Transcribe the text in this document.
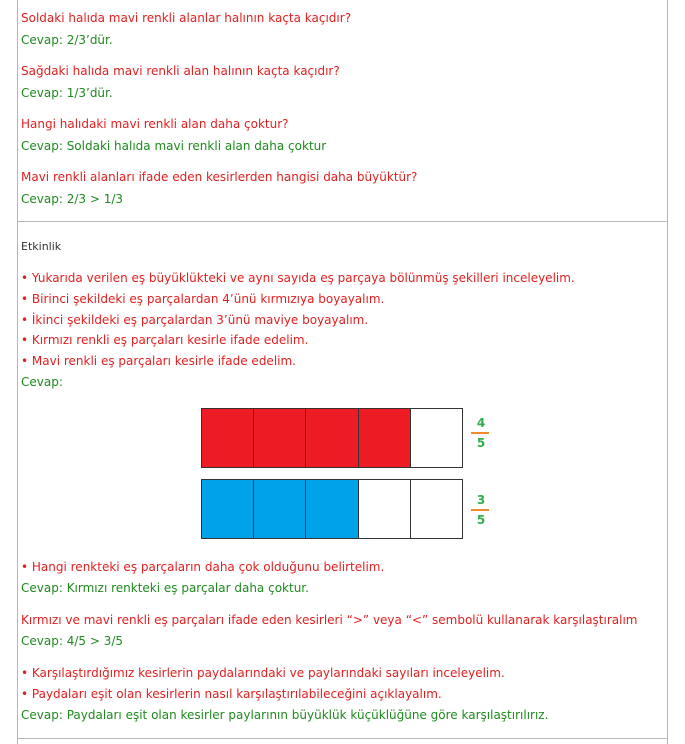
Soldaki halıda mavi renkli alanlar halının kaçta kaçıdır?
Cevap: 2/3’dür.
Sağdaki halıda mavi renkli alan halının kaçta kaçıdır?
Cevap: 1/3’dür.
Hangi halıdaki mavi renkli alan daha çoktur?
Cevap: Soldaki halıda mavi renkli alan daha çoktur
Mavi renkli alanları ifade eden kesirlerden hangisi daha büyüktür?
Cevap: 2/3 > 1/3
Etkinlik
• Yukarıda verilen eş büyüklükteki ve aynı sayıda eş parçaya bölünmüş şekilleri inceleyelim.
• Birinci şekildeki eş parçalardan 4’ünü kırmızıya boyayalım.
• İkinci şekildeki eş parçalardan 3’ünü maviye boyayalım.
• Kırmızı renkli eş parçaları kesirle ifade edelim.
• Mavi renkli eş parçaları kesirle ifade edelim.
Cevap:
4
5
3
5
• Hangi renkteki eş parçaların daha çok olduğunu belirtelim.
Cevap: Kırmızı renkteki eş parçalar daha çoktur.
Kırmızı ve mavi renkli eş parçaları ifade eden kesirleri “>” veya “<” sembolü kullanarak karşılaştıralım
Cevap: 4/5 > 3/5
• Karşılaştırdığımız kesirlerin paydalarındaki ve paylarındaki sayıları inceleyelim.
• Paydaları eşit olan kesirlerin nasıl karşılaştırılabileceğini açıklayalım.
Cevap: Paydaları eşit olan kesirler paylarının büyüklük küçüklüğüne göre karşılaştırılırız.
